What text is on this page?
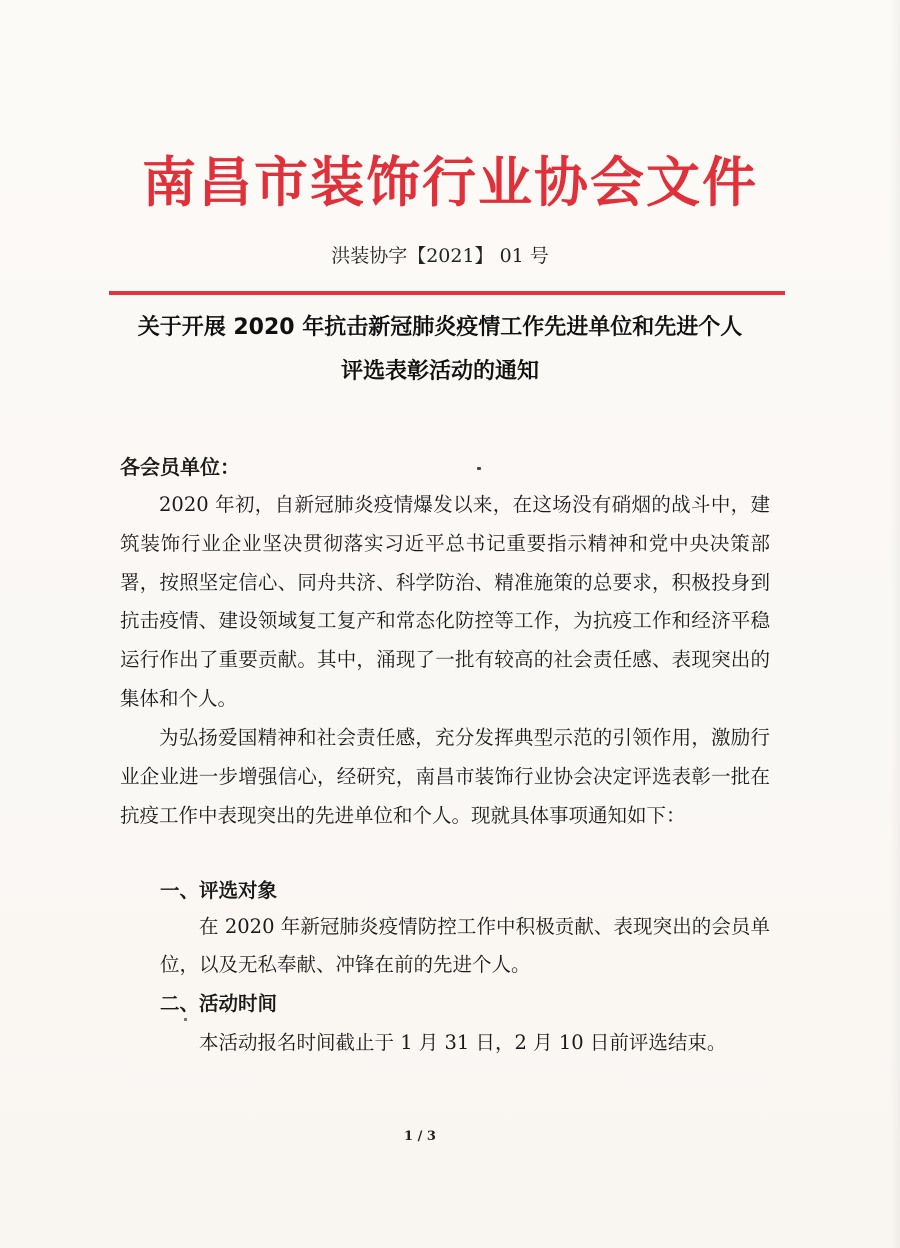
南昌市装饰行业协会文件
洪装协字【2021】 01 号
关于开展 2020 年抗击新冠肺炎疫情工作先进单位和先进个人
评选表彰活动的通知
各会员单位：

2020 年初，自新冠肺炎疫情爆发以来，在这场没有硝烟的战斗中，建筑装饰行业企业坚决贯彻落实习近平总书记重要指示精神和党中央决策部署，按照坚定信心、同舟共济、科学防治、精准施策的总要求，积极投身到抗击疫情、建设领域复工复产和常态化防控等工作，为抗疫工作和经济平稳运行作出了重要贡献。其中，涌现了一批有较高的社会责任感、表现突出的集体和个人。

为弘扬爱国精神和社会责任感，充分发挥典型示范的引领作用，激励行业企业进一步增强信心，经研究，南昌市装饰行业协会决定评选表彰一批在抗疫工作中表现突出的先进单位和个人。现就具体事项通知如下：

一、评选对象

在 2020 年新冠肺炎疫情防控工作中积极贡献、表现突出的会员单位，以及无私奉献、冲锋在前的先进个人。

二、活动时间

本活动报名时间截止于 1 月 31 日，2 月 10 日前评选结束。

1 / 3
